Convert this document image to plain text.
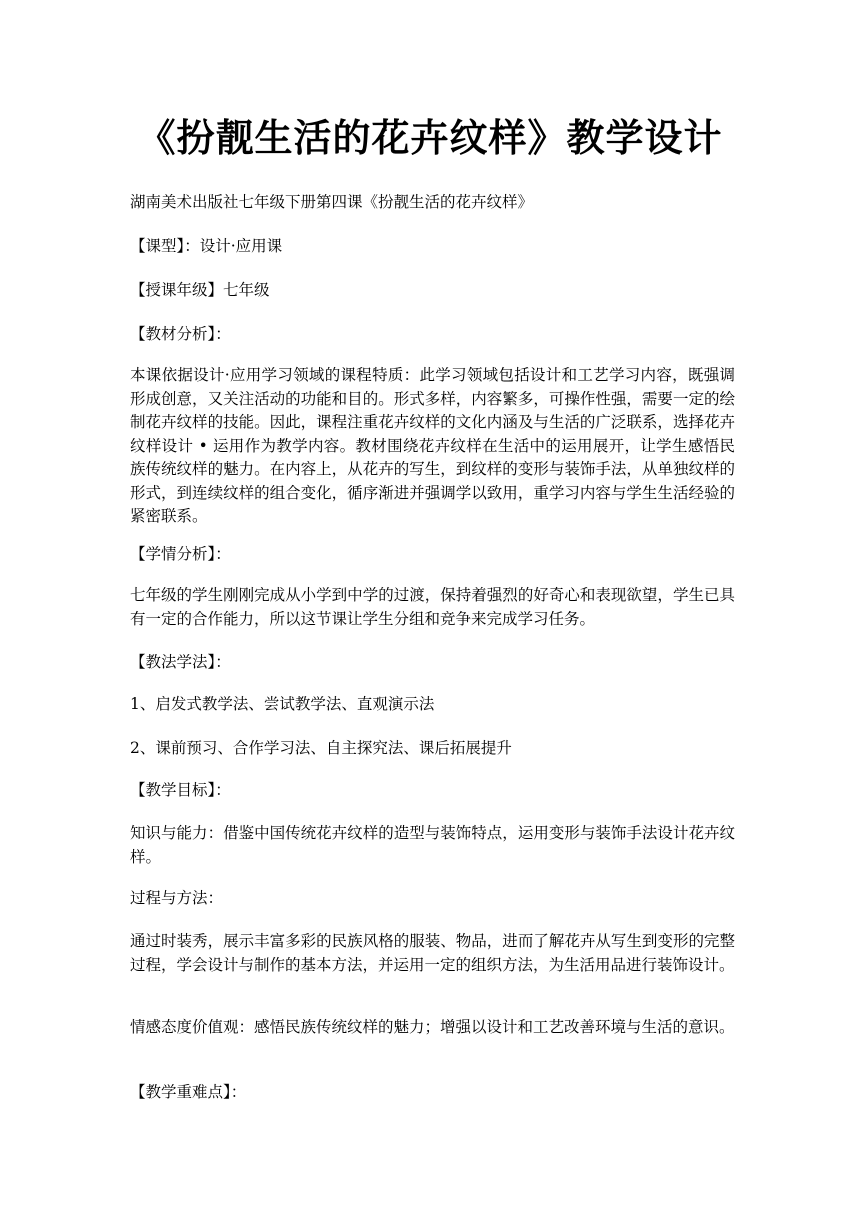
《扮靓生活的花卉纹样》教学设计

湖南美术出版社七年级下册第四课《扮靓生活的花卉纹样》

【课型】：设计·应用课

【授课年级】七年级

【教材分析】：

本课依据设计·应用学习领域的课程特质：此学习领域包括设计和工艺学习内容，既强调形成创意，又关注活动的功能和目的。形式多样，内容繁多，可操作性强，需要一定的绘制花卉纹样的技能。因此，课程注重花卉纹样的文化内涵及与生活的广泛联系，选择花卉纹样设计 • 运用作为教学内容。教材围绕花卉纹样在生活中的运用展开，让学生感悟民族传统纹样的魅力。在内容上，从花卉的写生，到纹样的变形与装饰手法，从单独纹样的形式，到连续纹样的组合变化，循序渐进并强调学以致用，重学习内容与学生生活经验的紧密联系。

【学情分析】：

七年级的学生刚刚完成从小学到中学的过渡，保持着强烈的好奇心和表现欲望，学生已具有一定的合作能力，所以这节课让学生分组和竞争来完成学习任务。

【教法学法】：

1、启发式教学法、尝试教学法、直观演示法

2、课前预习、合作学习法、自主探究法、课后拓展提升

【教学目标】：

知识与能力：借鉴中国传统花卉纹样的造型与装饰特点，运用变形与装饰手法设计花卉纹样。

过程与方法：

通过时装秀，展示丰富多彩的民族风格的服装、物品，进而了解花卉从写生到变形的完整过程，学会设计与制作的基本方法，并运用一定的组织方法，为生活用品进行装饰设计。

情感态度价值观：感悟民族传统纹样的魅力；增强以设计和工艺改善环境与生活的意识。

【教学重难点】：
